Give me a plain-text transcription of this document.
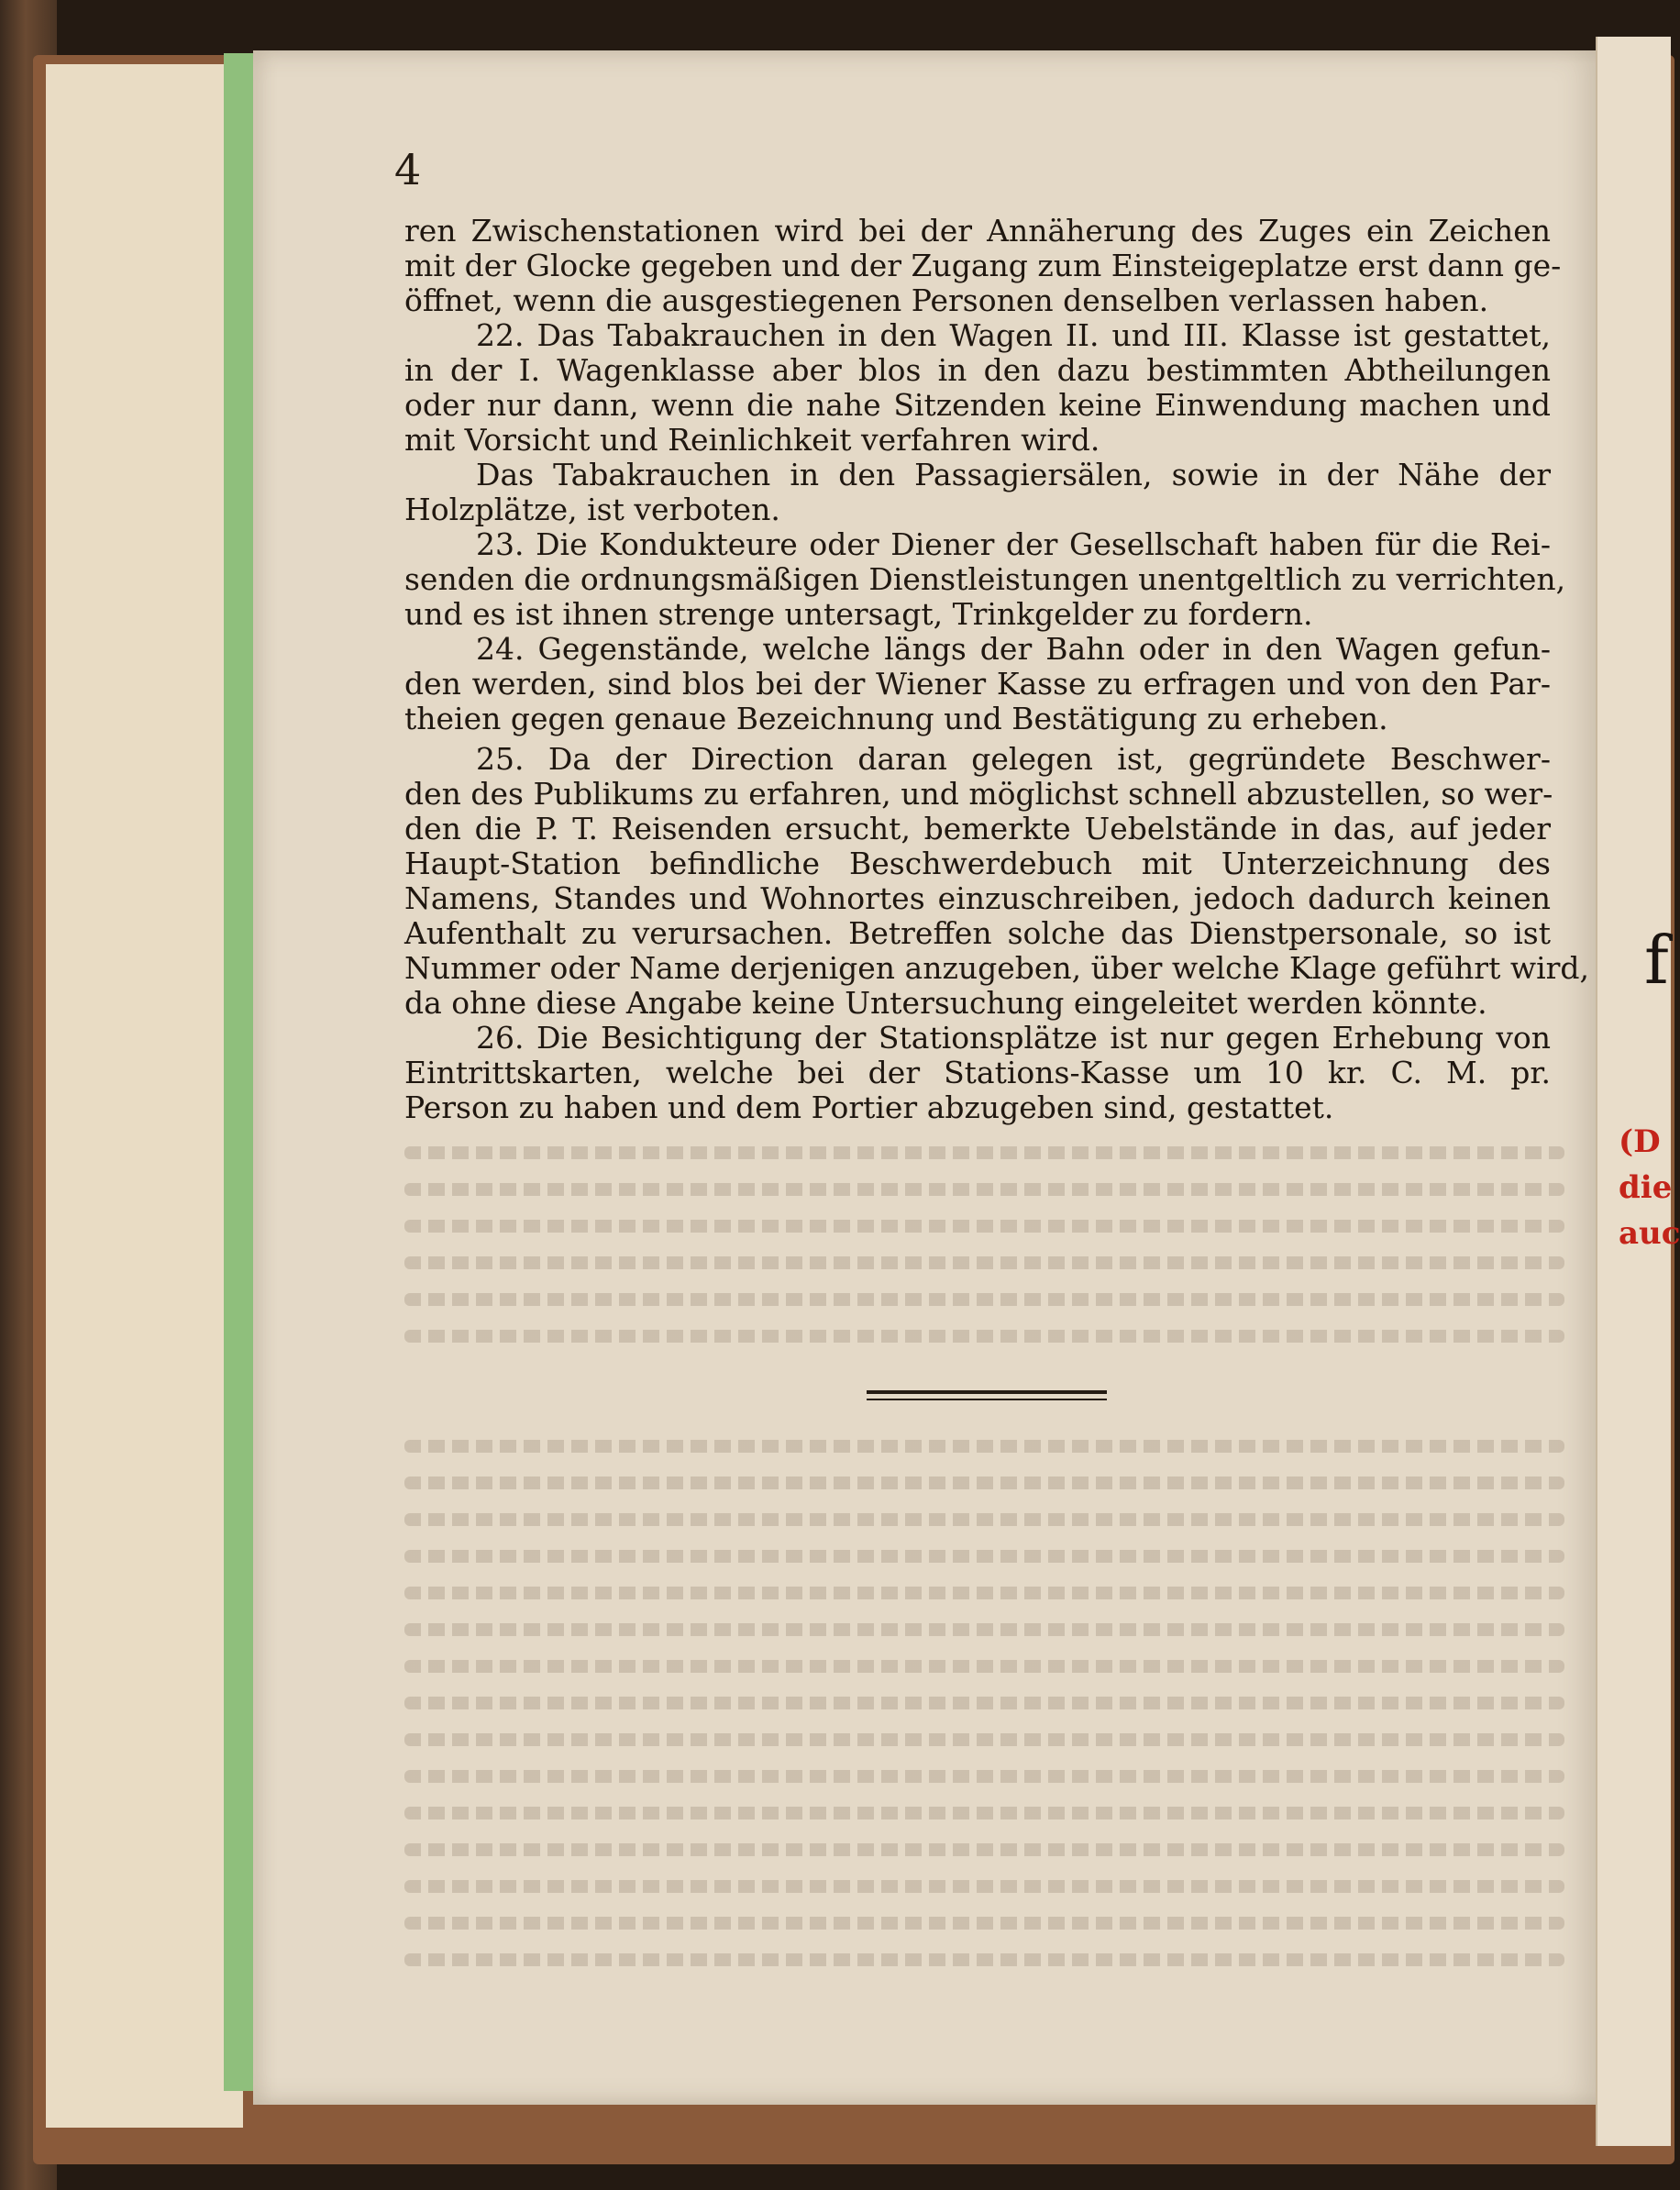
f
(D
die
auc
4
ren Zwischenstationen wird bei der Annäherung des Zuges ein Zeichen
mit der Glocke gegeben und der Zugang zum Einsteigeplatze erst dann ge-
öffnet, wenn die ausgestiegenen Personen denselben verlassen haben.
22. Das Tabakrauchen in den Wagen II. und III. Klasse ist gestattet,
in der I. Wagenklasse aber blos in den dazu bestimmten Abtheilungen
oder nur dann, wenn die nahe Sitzenden keine Einwendung machen und
mit Vorsicht und Reinlichkeit verfahren wird.
Das Tabakrauchen in den Passagiersälen, sowie in der Nähe der
Holzplätze, ist verboten.
23. Die Kondukteure oder Diener der Gesellschaft haben für die Rei-
senden die ordnungsmäßigen Dienstleistungen unentgeltlich zu verrichten,
und es ist ihnen strenge untersagt, Trinkgelder zu fordern.
24. Gegenstände, welche längs der Bahn oder in den Wagen gefun-
den werden, sind blos bei der Wiener Kasse zu erfragen und von den Par-
theien gegen genaue Bezeichnung und Bestätigung zu erheben.
25. Da der Direction daran gelegen ist, gegründete Beschwer-
den des Publikums zu erfahren, und möglichst schnell abzustellen, so wer-
den die P. T. Reisenden ersucht, bemerkte Uebelstände in das, auf jeder
Haupt-Station befindliche Beschwerdebuch mit Unterzeichnung des
Namens, Standes und Wohnortes einzuschreiben, jedoch dadurch keinen
Aufenthalt zu verursachen. Betreffen solche das Dienstpersonale, so ist
Nummer oder Name derjenigen anzugeben, über welche Klage geführt wird,
da ohne diese Angabe keine Untersuchung eingeleitet werden könnte.
26. Die Besichtigung der Stationsplätze ist nur gegen Erhebung von
Eintrittskarten, welche bei der Stations-Kasse um 10 kr. C. M. pr.
Person zu haben und dem Portier abzugeben sind, gestattet.
